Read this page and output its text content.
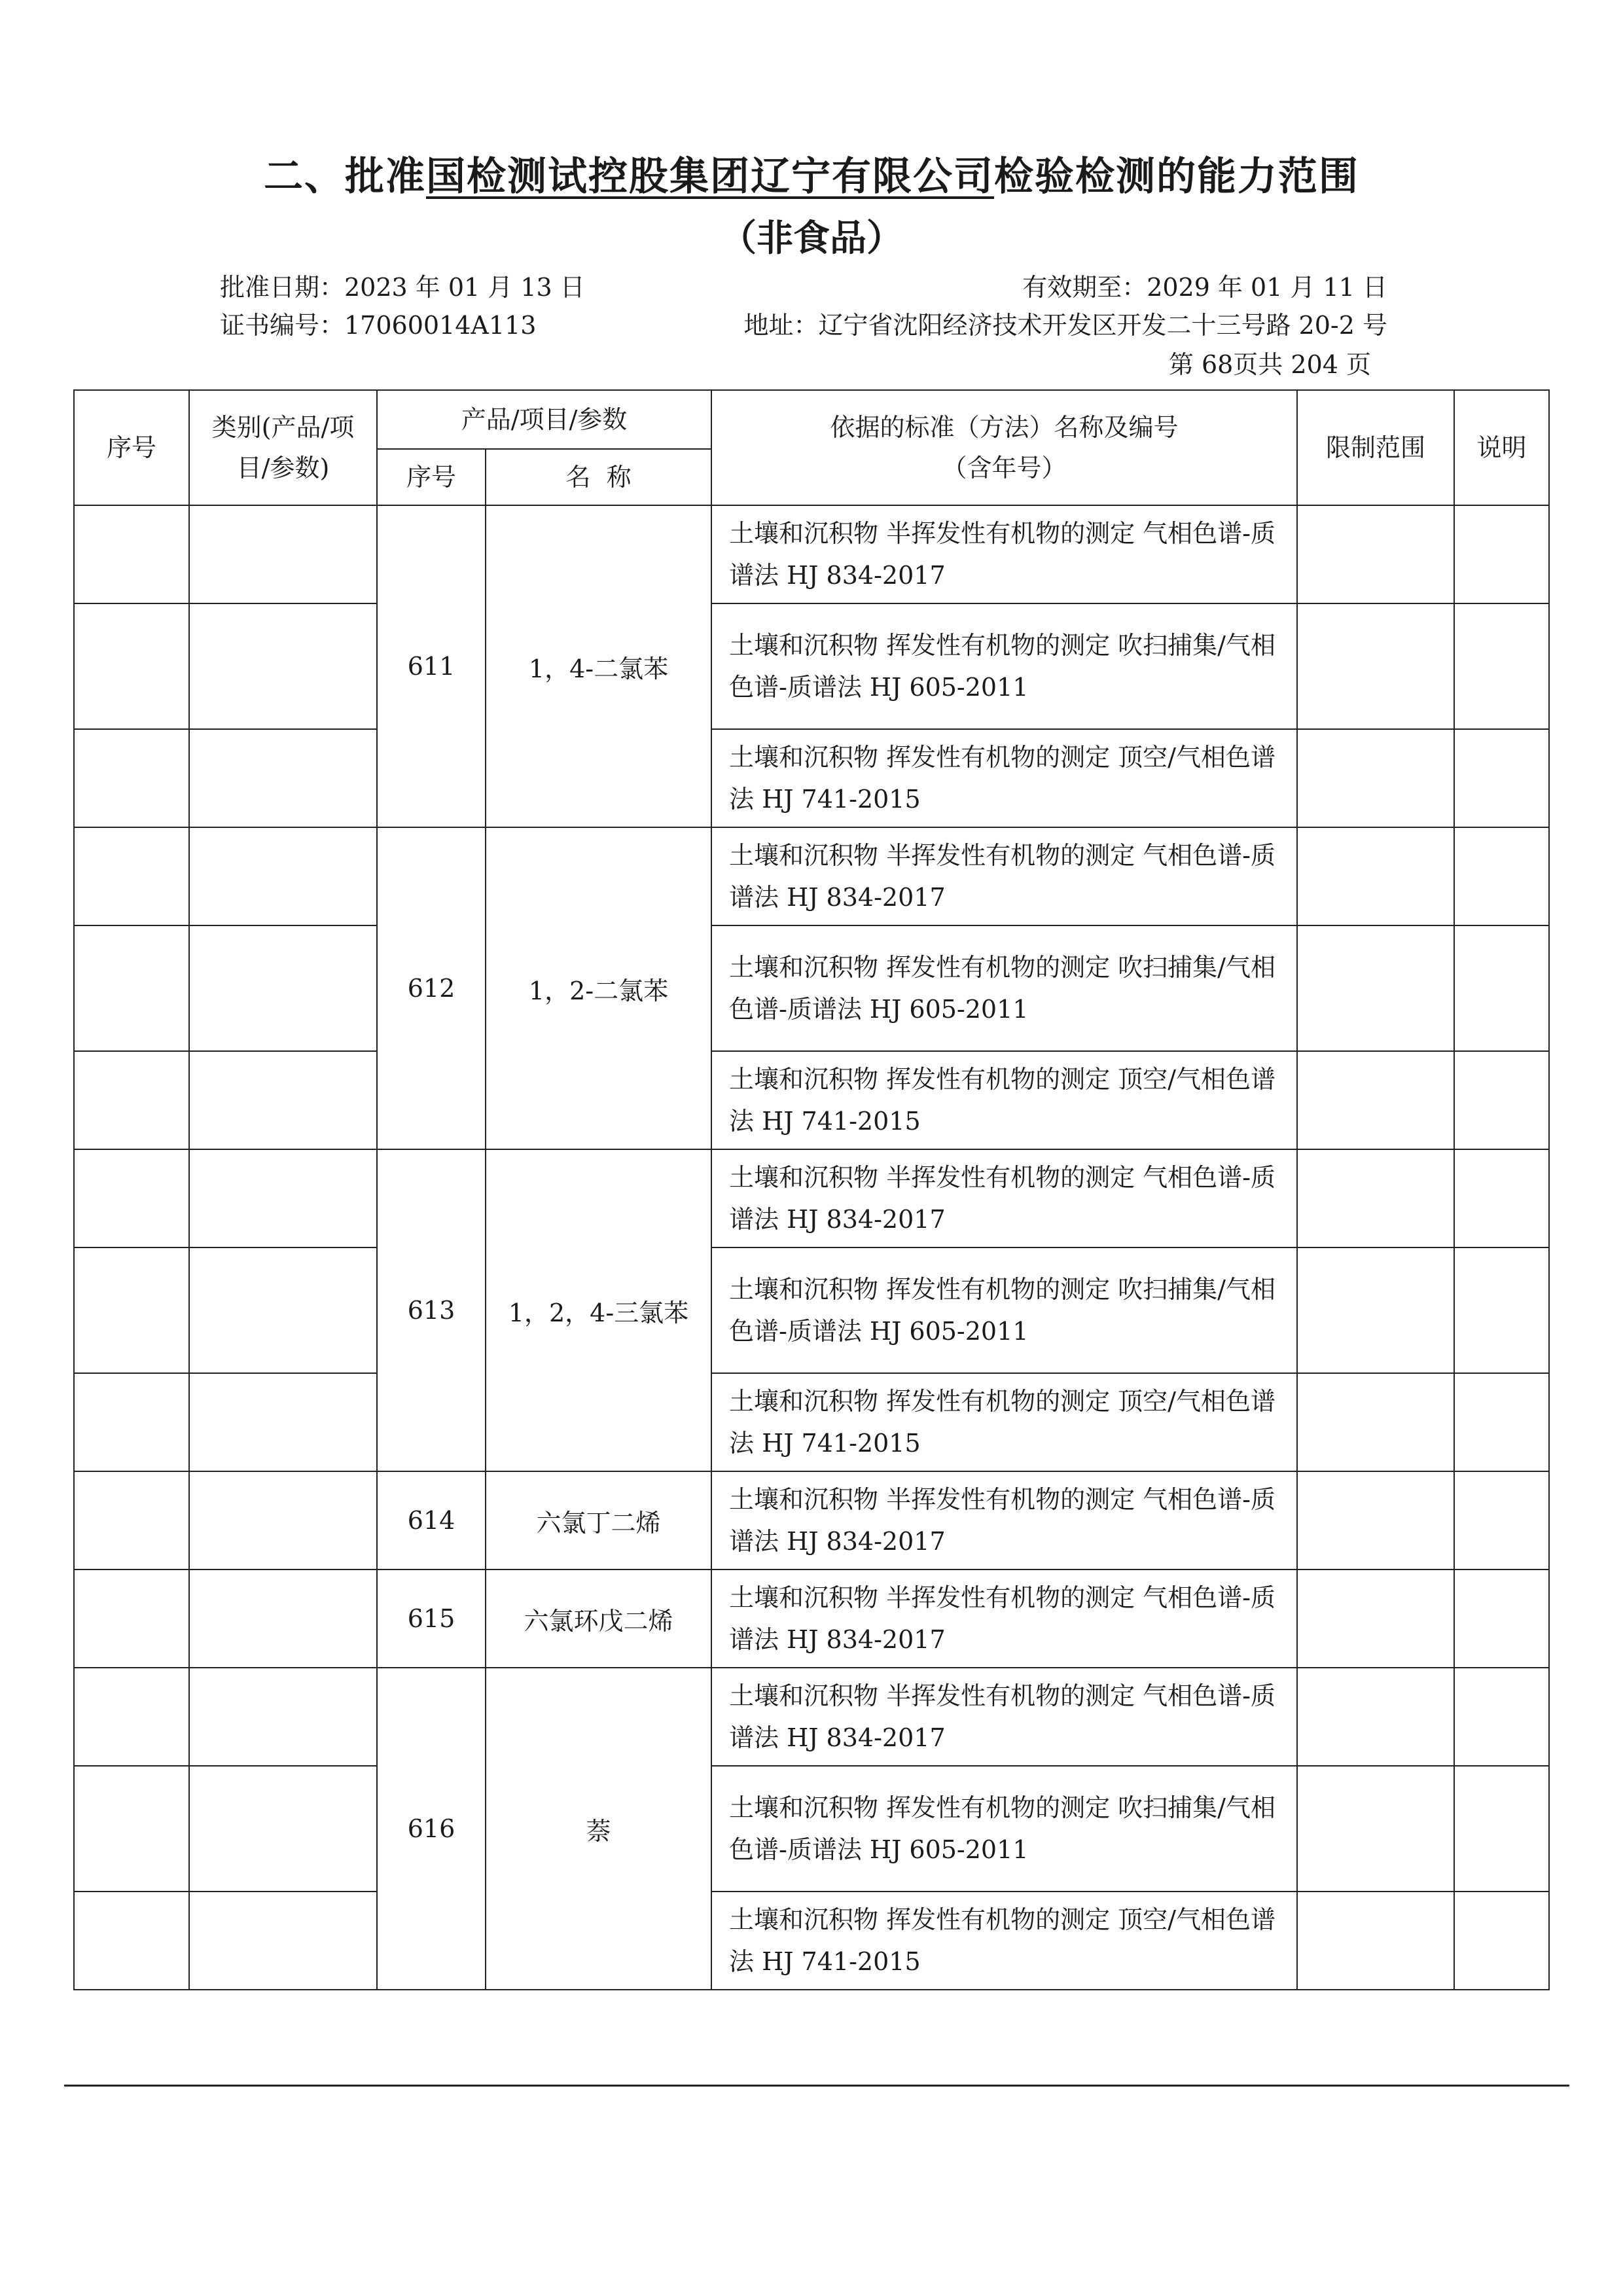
二、批准国检测试控股集团辽宁有限公司检验检测的能力范围
（非食品）
批准日期：2023 年 01 月 13 日	有效期至：2029 年 01 月 11 日
证书编号：17060014A113	地址：辽宁省沈阳经济技术开发区开发二十三号路 20-2 号
第 68页共 204 页
序号	类别(产品/项目/参数)	产品/项目/参数		依据的标准（方法）名称及编号（含年号）	限制范围	说明
		序号	名  称			
		611	1，4-二氯苯	土壤和沉积物 半挥发性有机物的测定 气相色谱-质谱法 HJ 834-2017		
				土壤和沉积物 挥发性有机物的测定 吹扫捕集/气相色谱-质谱法 HJ 605-2011		
				土壤和沉积物 挥发性有机物的测定 顶空/气相色谱法 HJ 741-2015		
		612	1，2-二氯苯	土壤和沉积物 半挥发性有机物的测定 气相色谱-质谱法 HJ 834-2017		
				土壤和沉积物 挥发性有机物的测定 吹扫捕集/气相色谱-质谱法 HJ 605-2011		
				土壤和沉积物 挥发性有机物的测定 顶空/气相色谱法 HJ 741-2015		
		613	1，2，4-三氯苯	土壤和沉积物 半挥发性有机物的测定 气相色谱-质谱法 HJ 834-2017		
				土壤和沉积物 挥发性有机物的测定 吹扫捕集/气相色谱-质谱法 HJ 605-2011		
				土壤和沉积物 挥发性有机物的测定 顶空/气相色谱法 HJ 741-2015		
		614	六氯丁二烯	土壤和沉积物 半挥发性有机物的测定 气相色谱-质谱法 HJ 834-2017		
		615	六氯环戊二烯	土壤和沉积物 半挥发性有机物的测定 气相色谱-质谱法 HJ 834-2017		
		616	萘	土壤和沉积物 半挥发性有机物的测定 气相色谱-质谱法 HJ 834-2017		
				土壤和沉积物 挥发性有机物的测定 吹扫捕集/气相色谱-质谱法 HJ 605-2011		
				土壤和沉积物 挥发性有机物的测定 顶空/气相色谱法 HJ 741-2015		
